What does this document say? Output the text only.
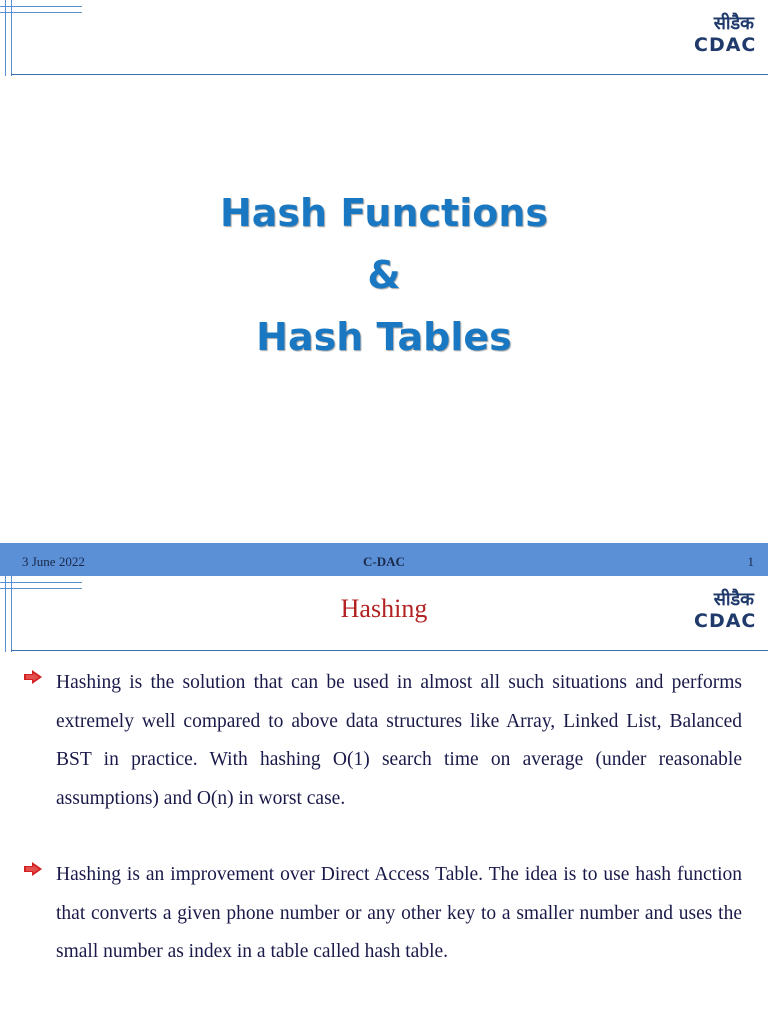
सीडैक
CDAC
Hash Functions
&
Hash Tables
3 June 2022	C-DAC	1
सीडैक
CDAC
Hashing
Hashing is the solution that can be used in almost all such situations and performs extremely well compared to above data structures like Array, Linked List, Balanced BST in practice. With hashing O(1) search time on average (under reasonable assumptions) and O(n) in worst case.
Hashing is an improvement over Direct Access Table. The idea is to use hash function that converts a given phone number or any other key to a smaller number and uses the small number as index in a table called hash table.
